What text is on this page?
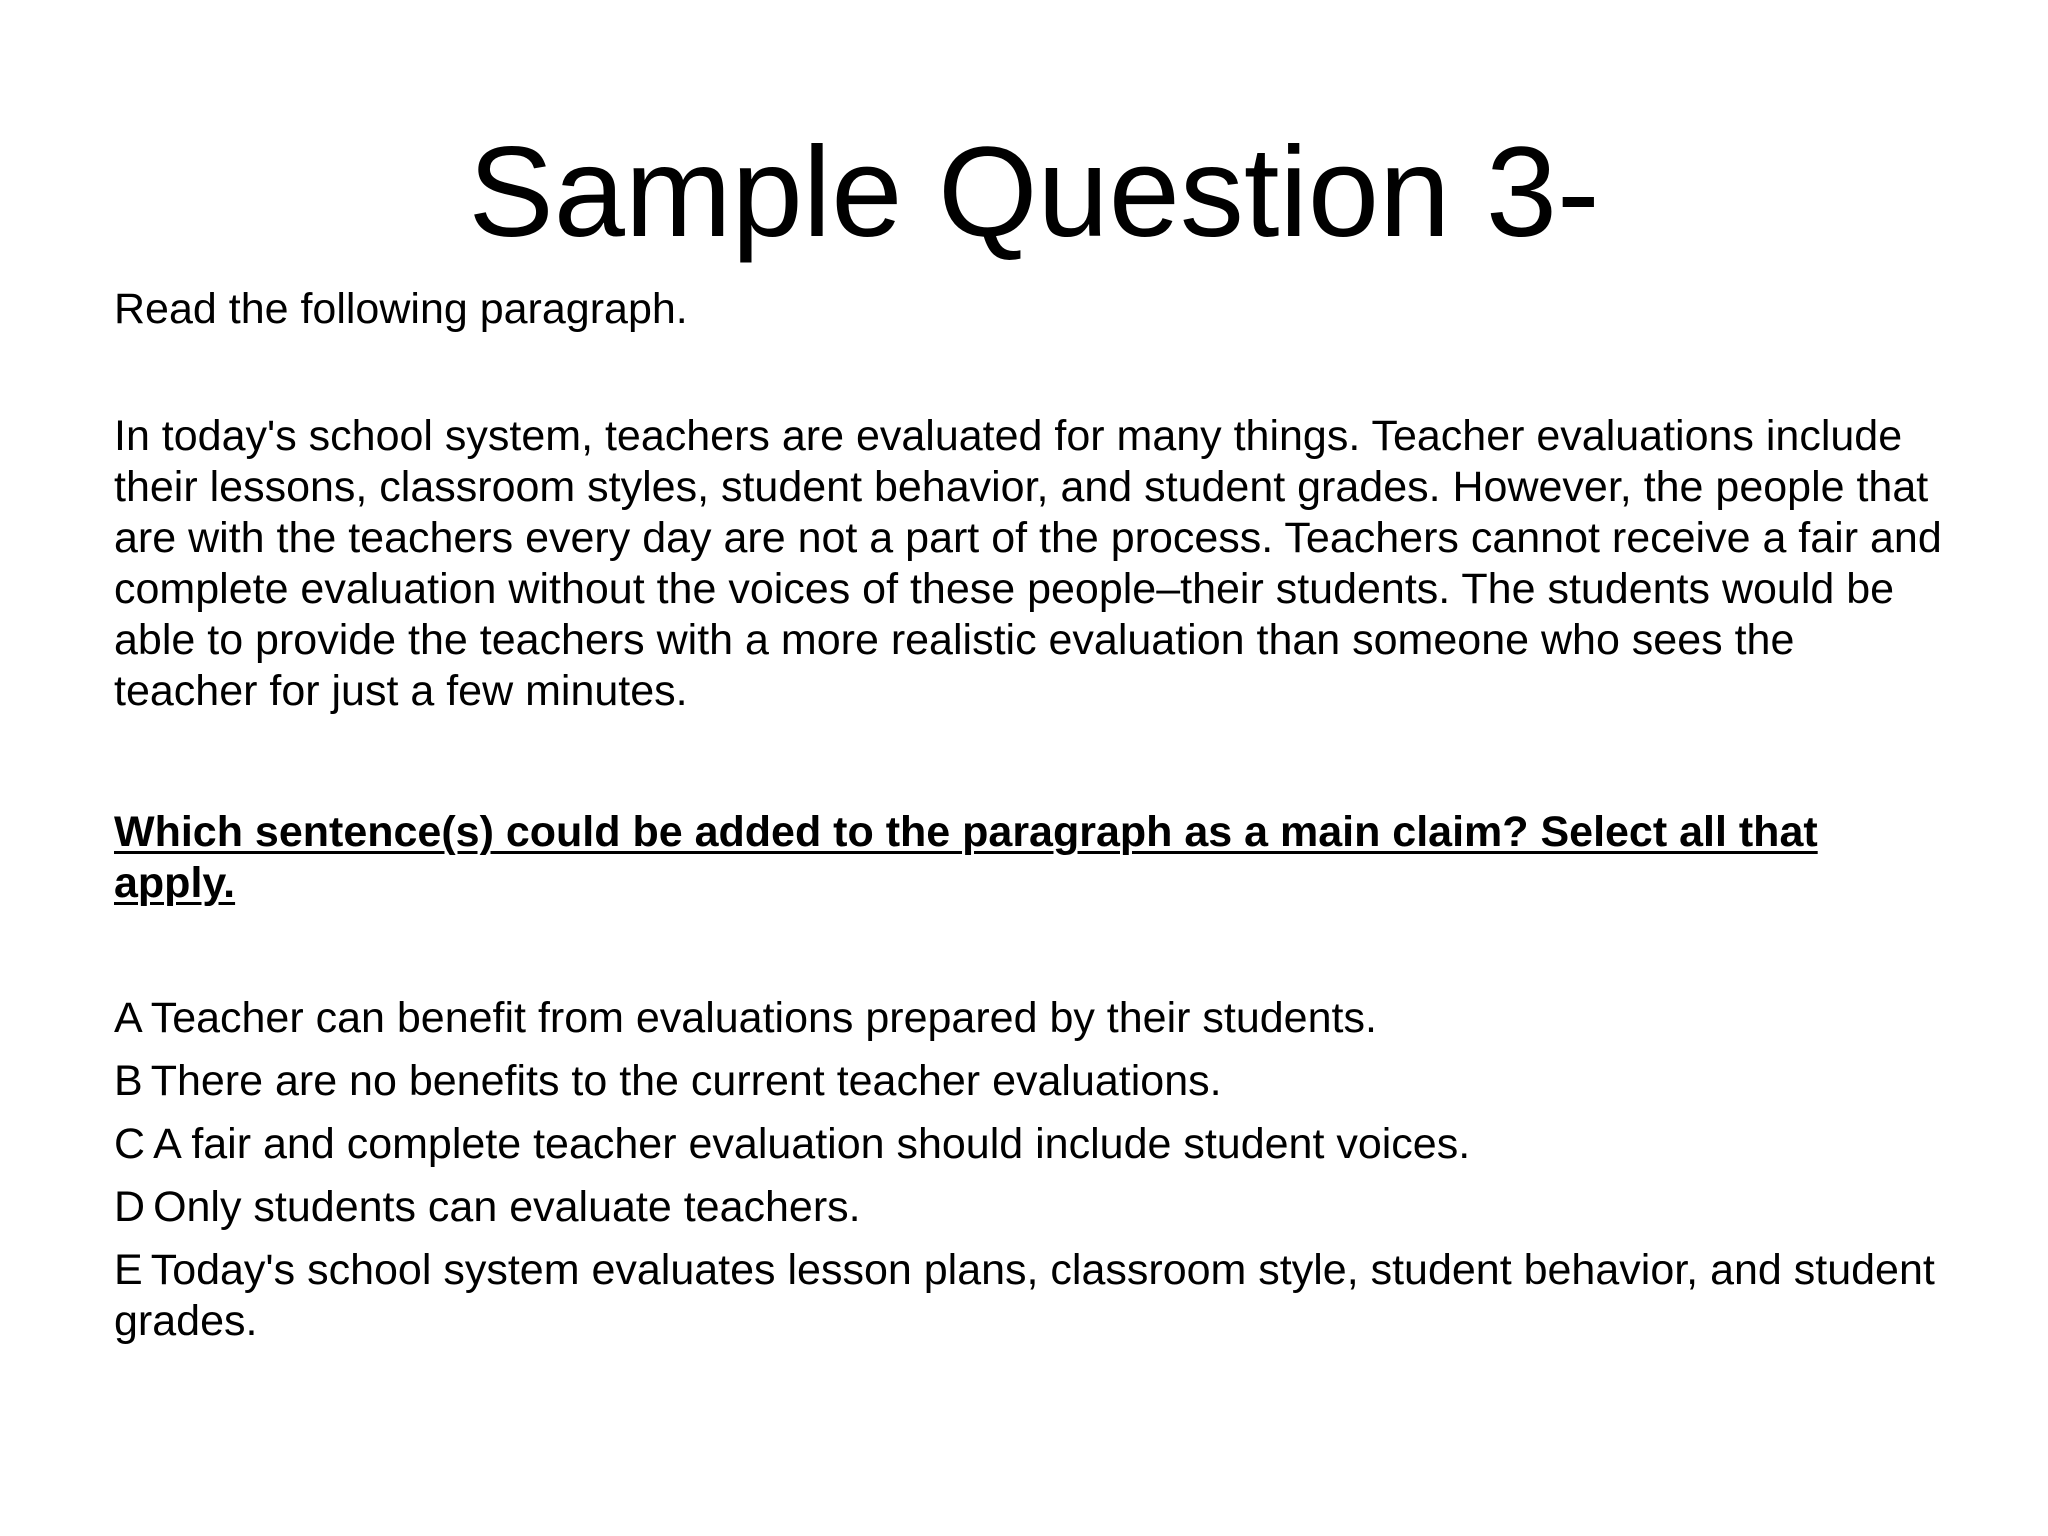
Sample Question 3-

Read the following paragraph.

In today's school system, teachers are evaluated for many things. Teacher evaluations include their lessons, classroom styles, student behavior, and student grades. However, the people that are with the teachers every day are not a part of the process. Teachers cannot receive a fair and complete evaluation without the voices of these people–their students. The students would be able to provide the teachers with a more realistic evaluation than someone who sees the teacher for just a few minutes.

Which sentence(s) could be added to the paragraph as a main claim? Select all that apply.

A Teacher can benefit from evaluations prepared by their students.

B There are no benefits to the current teacher evaluations.

C A fair and complete teacher evaluation should include student voices.

D Only students can evaluate teachers.

E Today's school system evaluates lesson plans, classroom style, student behavior, and student grades.
